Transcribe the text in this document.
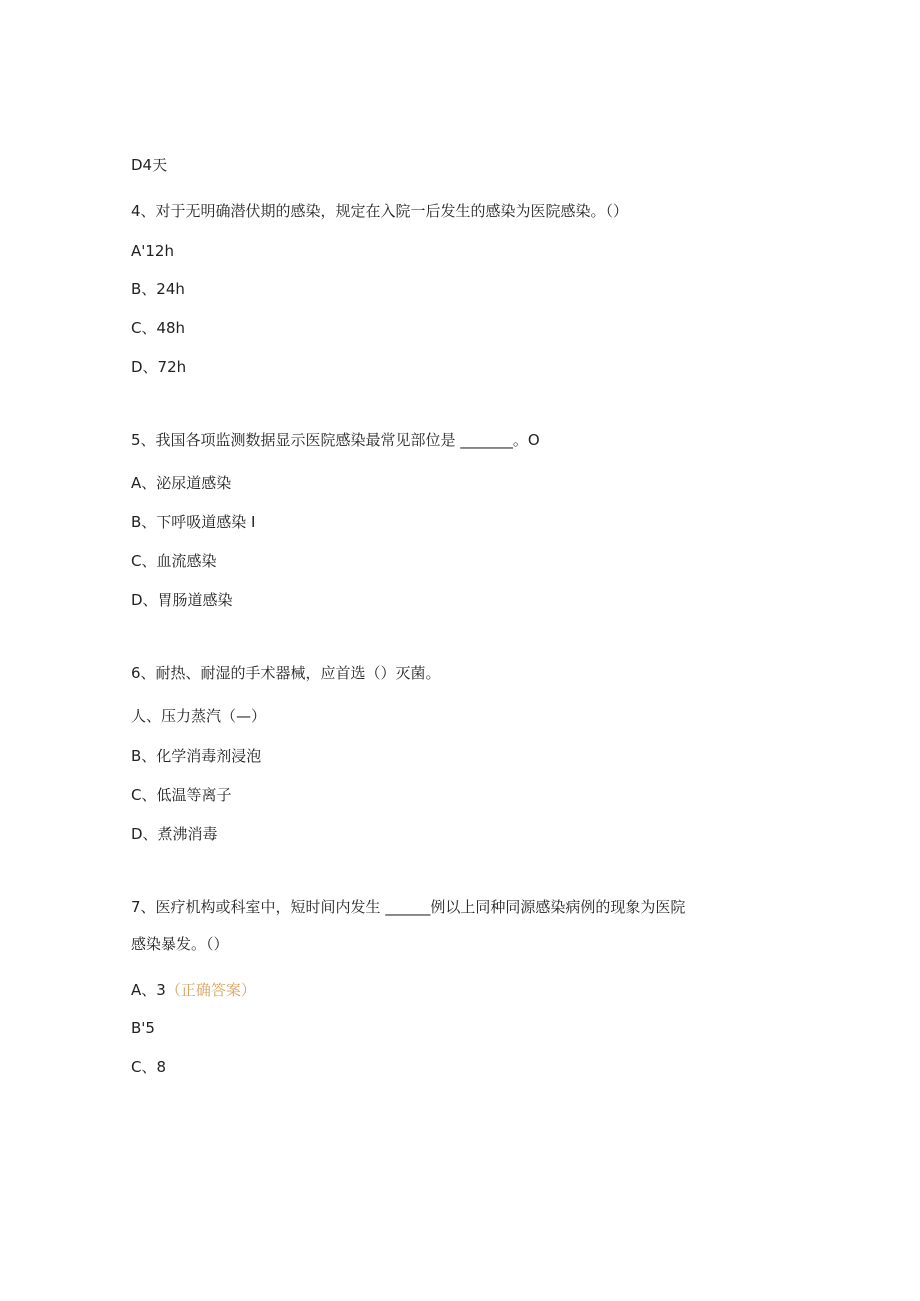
D4天
4、对于无明确潜伏期的感染，规定在入院一后发生的感染为医院感染。（）
A'12h
B、24h
C、48h
D、72h
5、我国各项监测数据显示医院感染最常见部位是 _______。O
A、泌尿道感染
B、下呼吸道感染 I
C、血流感染
D、胃肠道感染
6、耐热、耐湿的手术器械，应首选（）灭菌。
人、压力蒸汽（—）
B、化学消毒剂浸泡
C、低温等离子
D、煮沸消毒
7、医疗机构或科室中，短时间内发生 ______例以上同种同源感染病例的现象为医院
感染暴发。（）
A、3（正确答案）
B'5
C、8
